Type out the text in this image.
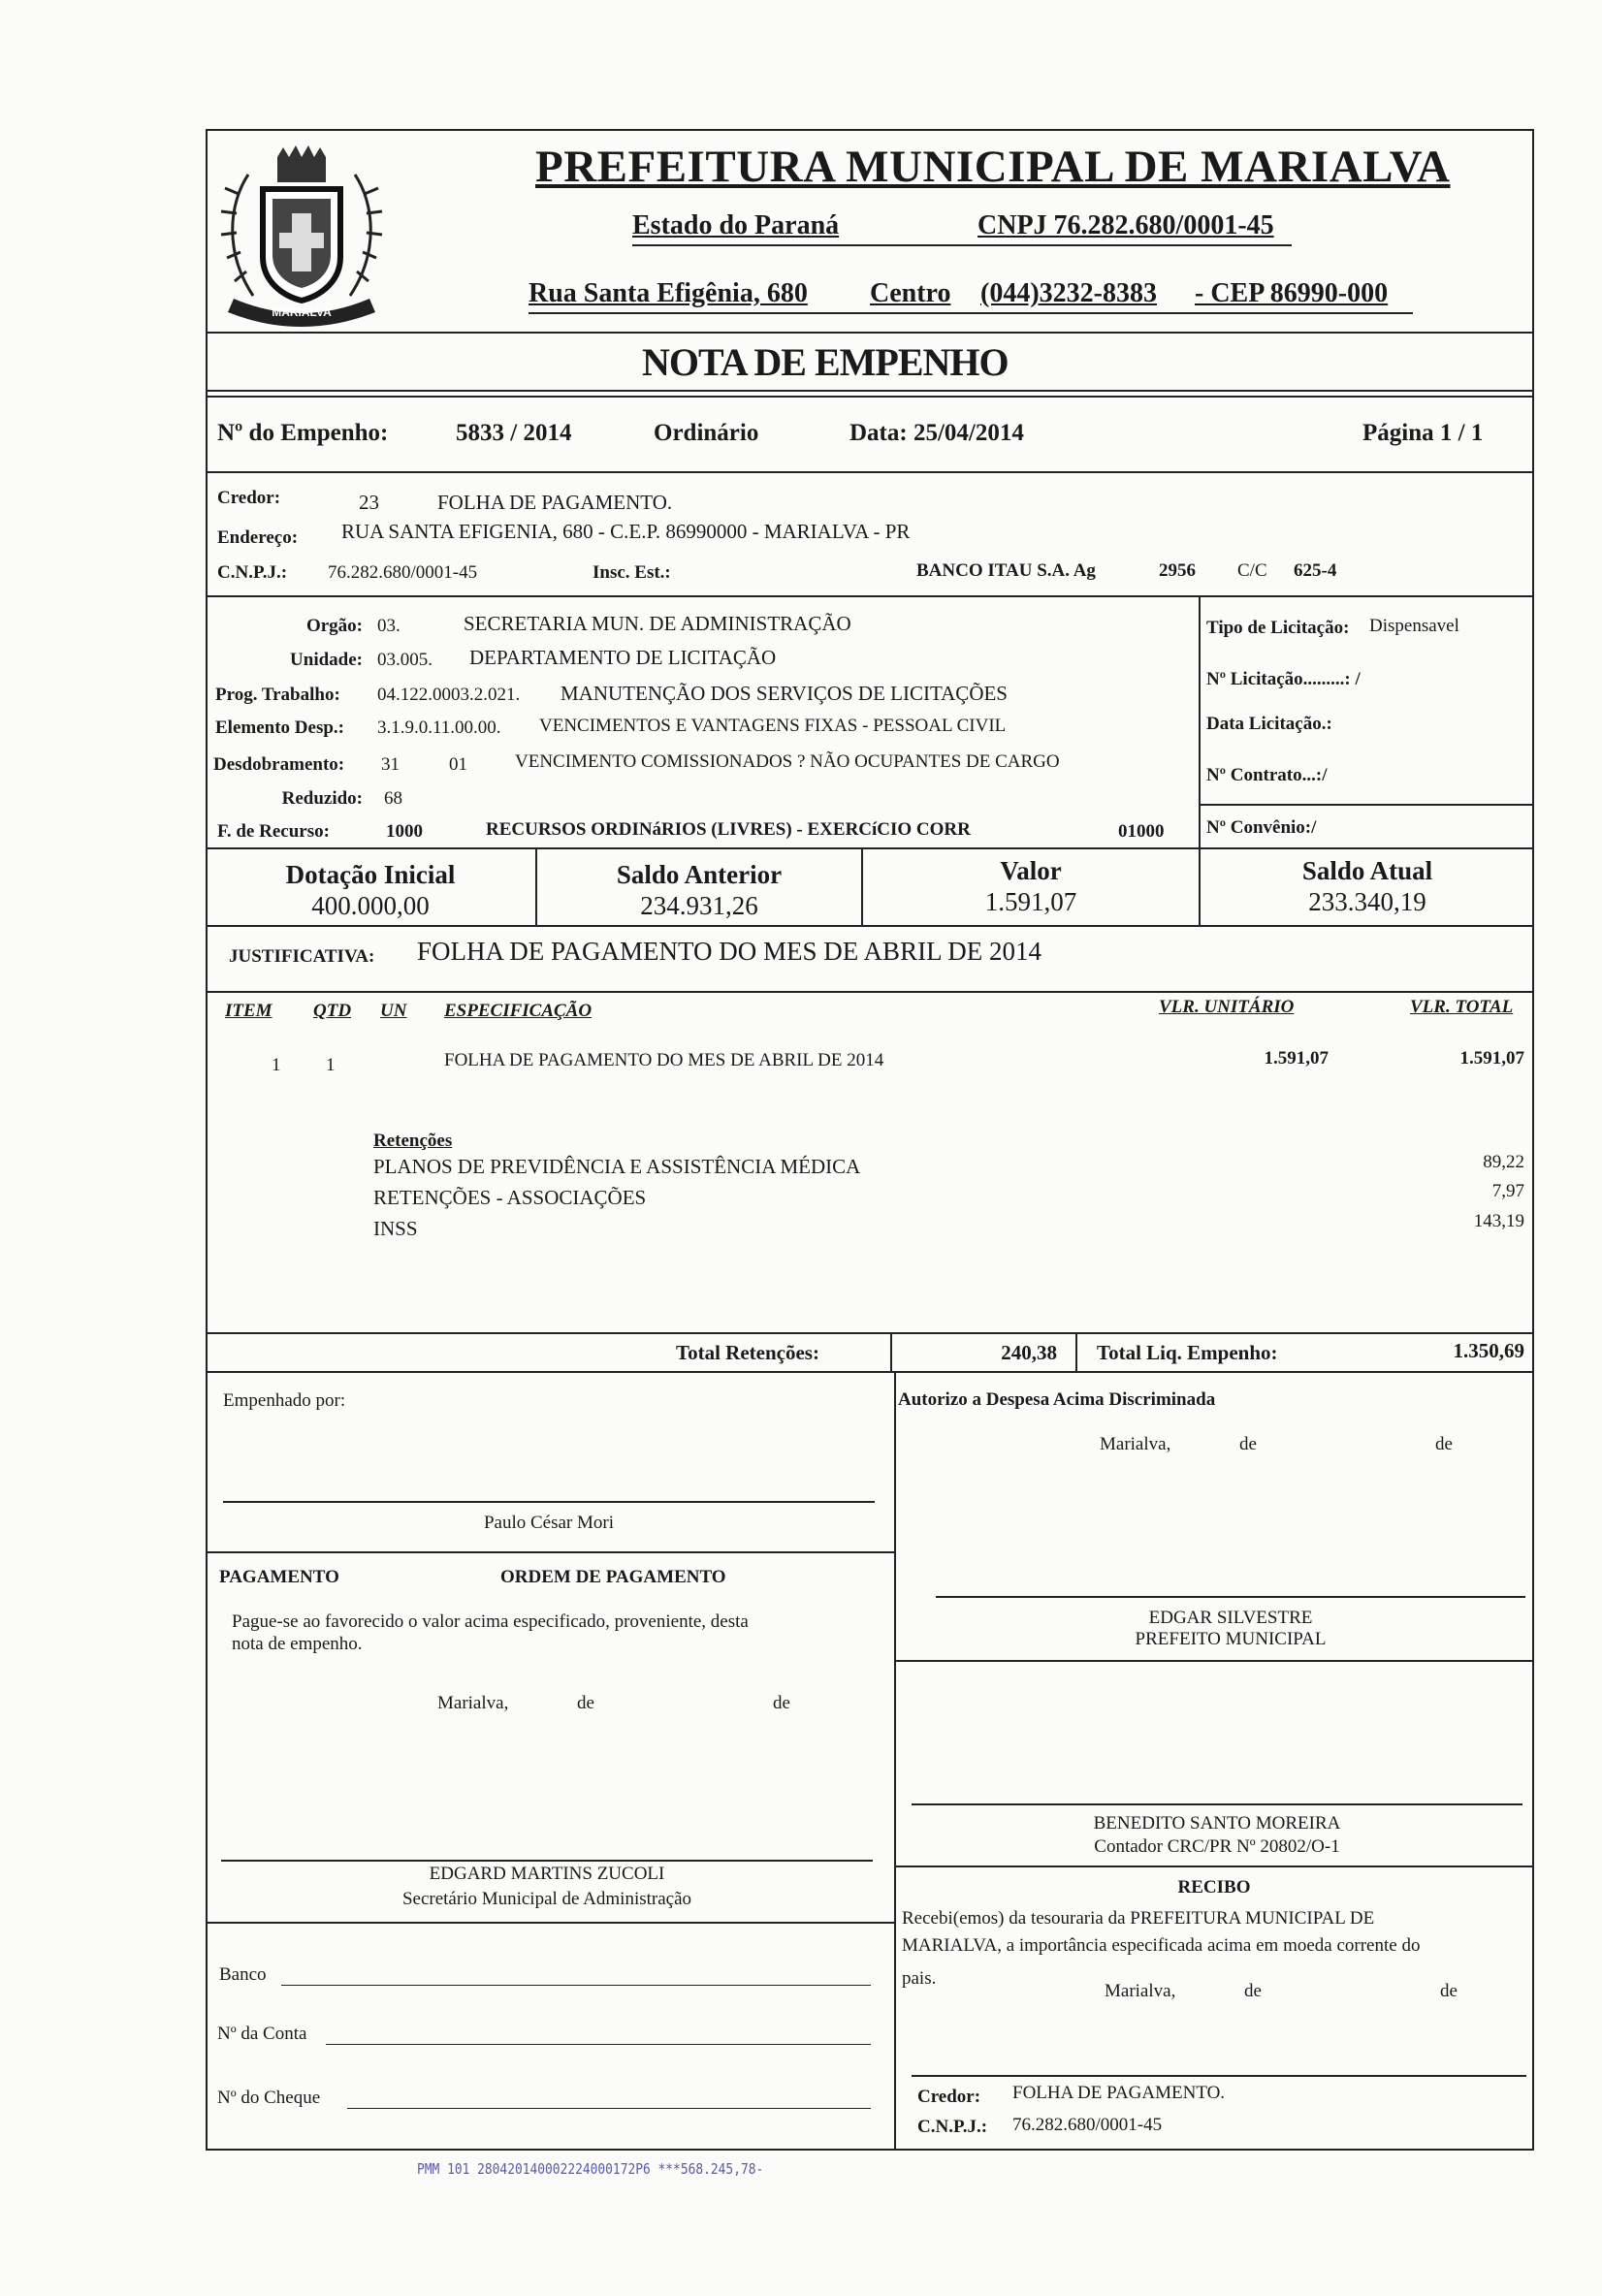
MARIALVA
PREFEITURA MUNICIPAL DE MARIALVA
Estado do Paraná	CNPJ 76.282.680/0001-45
Rua Santa Efigênia, 680 Centro (044)3232-8383 - CEP 86990-000
NOTA DE EMPENHO
Nº do Empenho:	5833 / 2014	Ordinário	Data: 25/04/2014	Página 1 / 1
Credor:	23	FOLHA DE PAGAMENTO.
Endereço: RUA SANTA EFIGENIA, 680 - C.E.P. 86990000 - MARIALVA - PR
C.N.P.J.: 76.282.680/0001-45	Insc. Est.:	BANCO ITAU S.A. Ag	2956 C/C 625-4
Orgão: 03.	SECRETARIA MUN. DE ADMINISTRAÇÃO
Unidade: 03.005. DEPARTAMENTO DE LICITAÇÃO
Prog. Trabalho: 04.122.0003.2.021. MANUTENÇÃO DOS SERVIÇOS DE LICITAÇÕES
Elemento Desp.: 3.1.9.0.11.00.00. VENCIMENTOS E VANTAGENS FIXAS - PESSOAL CIVIL
Desdobramento: 31	01	VENCIMENTO COMISSIONADOS ? NÃO OCUPANTES DE CARGO
Reduzido: 68
F. de Recurso:	1000	RECURSOS ORDINáRIOS (LIVRES) - EXERCíCIO CORR	01000
Tipo de Licitação: Dispensavel
Nº Licitação.........: /
Data Licitação.:
Nº Contrato...:/
Nº Convênio:/
Dotação Inicial
400.000,00
Saldo Anterior
234.931,26
Valor
1.591,07
Saldo Atual
233.340,19
JUSTIFICATIVA: FOLHA DE PAGAMENTO DO MES DE ABRIL DE 2014
ITEM QTD UN ESPECIFICAÇÃO	VLR. UNITÁRIO	VLR. TOTAL
1 1	FOLHA DE PAGAMENTO DO MES DE ABRIL DE 2014	1.591,07	1.591,07
Retenções
PLANOS DE PREVIDÊNCIA E ASSISTÊNCIA MÉDICA	89,22
RETENÇÕES - ASSOCIAÇÕES	7,97
INSS	143,19
Total Retenções:	240,38 Total Liq. Empenho:	1.350,69
Empenhado por:
Paulo César Mori
Autorizo a Despesa Acima Discriminada
Marialva,	de	de
EDGAR SILVESTRE
PREFEITO MUNICIPAL
PAGAMENTO	ORDEM DE PAGAMENTO
Pague-se ao favorecido o valor acima especificado, proveniente, desta
nota de empenho.
Marialva,	de	de
BENEDITO SANTO MOREIRA
Contador CRC/PR Nº 20802/O-1
EDGARD MARTINS ZUCOLI
Secretário Municipal de Administração
RECIBO
Recebi(emos) da tesouraria da PREFEITURA MUNICIPAL DE
MARIALVA, a importância especificada acima em moeda corrente do
pais.
Marialva,	de	de
Credor: FOLHA DE PAGAMENTO.
C.N.P.J.: 76.282.680/0001-45
Banco
Nº da Conta
Nº do Cheque
PMM 101 280420140002224000172P6 ***568.245,78-
